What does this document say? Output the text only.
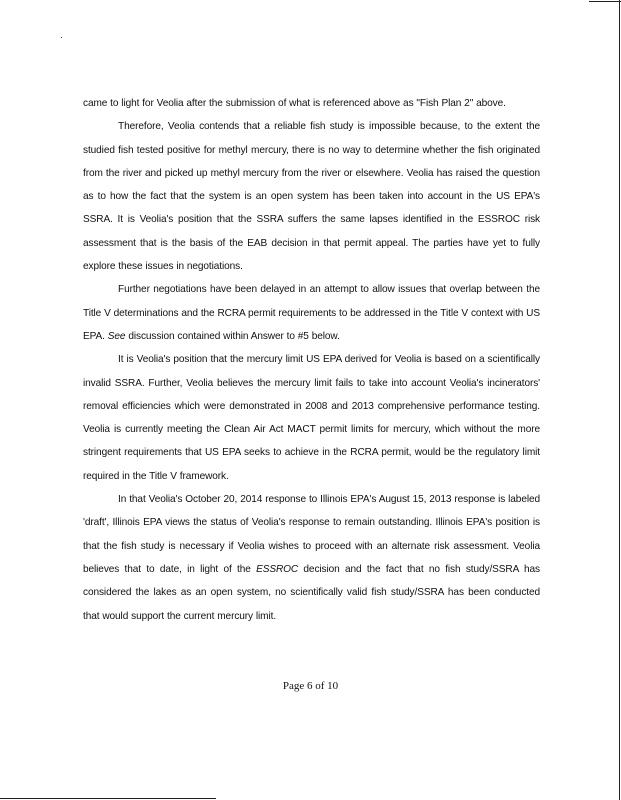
came to light for Veolia after the submission of what is referenced above as "Fish Plan 2" above.

Therefore, Veolia contends that a reliable fish study is impossible because, to the extent the studied fish tested positive for methyl mercury, there is no way to determine whether the fish originated from the river and picked up methyl mercury from the river or elsewhere. Veolia has raised the question as to how the fact that the system is an open system has been taken into account in the US EPA's SSRA. It is Veolia's position that the SSRA suffers the same lapses identified in the ESSROC risk assessment that is the basis of the EAB decision in that permit appeal. The parties have yet to fully explore these issues in negotiations.

Further negotiations have been delayed in an attempt to allow issues that overlap between the Title V determinations and the RCRA permit requirements to be addressed in the Title V context with US EPA. See discussion contained within Answer to #5 below.

It is Veolia's position that the mercury limit US EPA derived for Veolia is based on a scientifically invalid SSRA. Further, Veolia believes the mercury limit fails to take into account Veolia's incinerators' removal efficiencies which were demonstrated in 2008 and 2013 comprehensive performance testing. Veolia is currently meeting the Clean Air Act MACT permit limits for mercury, which without the more stringent requirements that US EPA seeks to achieve in the RCRA permit, would be the regulatory limit required in the Title V framework.

In that Veolia's October 20, 2014 response to Illinois EPA's August 15, 2013 response is labeled 'draft', Illinois EPA views the status of Veolia's response to remain outstanding. Illinois EPA's position is that the fish study is necessary if Veolia wishes to proceed with an alternate risk assessment. Veolia believes that to date, in light of the ESSROC decision and the fact that no fish study/SSRA has considered the lakes as an open system, no scientifically valid fish study/SSRA has been conducted that would support the current mercury limit.

Page 6 of 10
